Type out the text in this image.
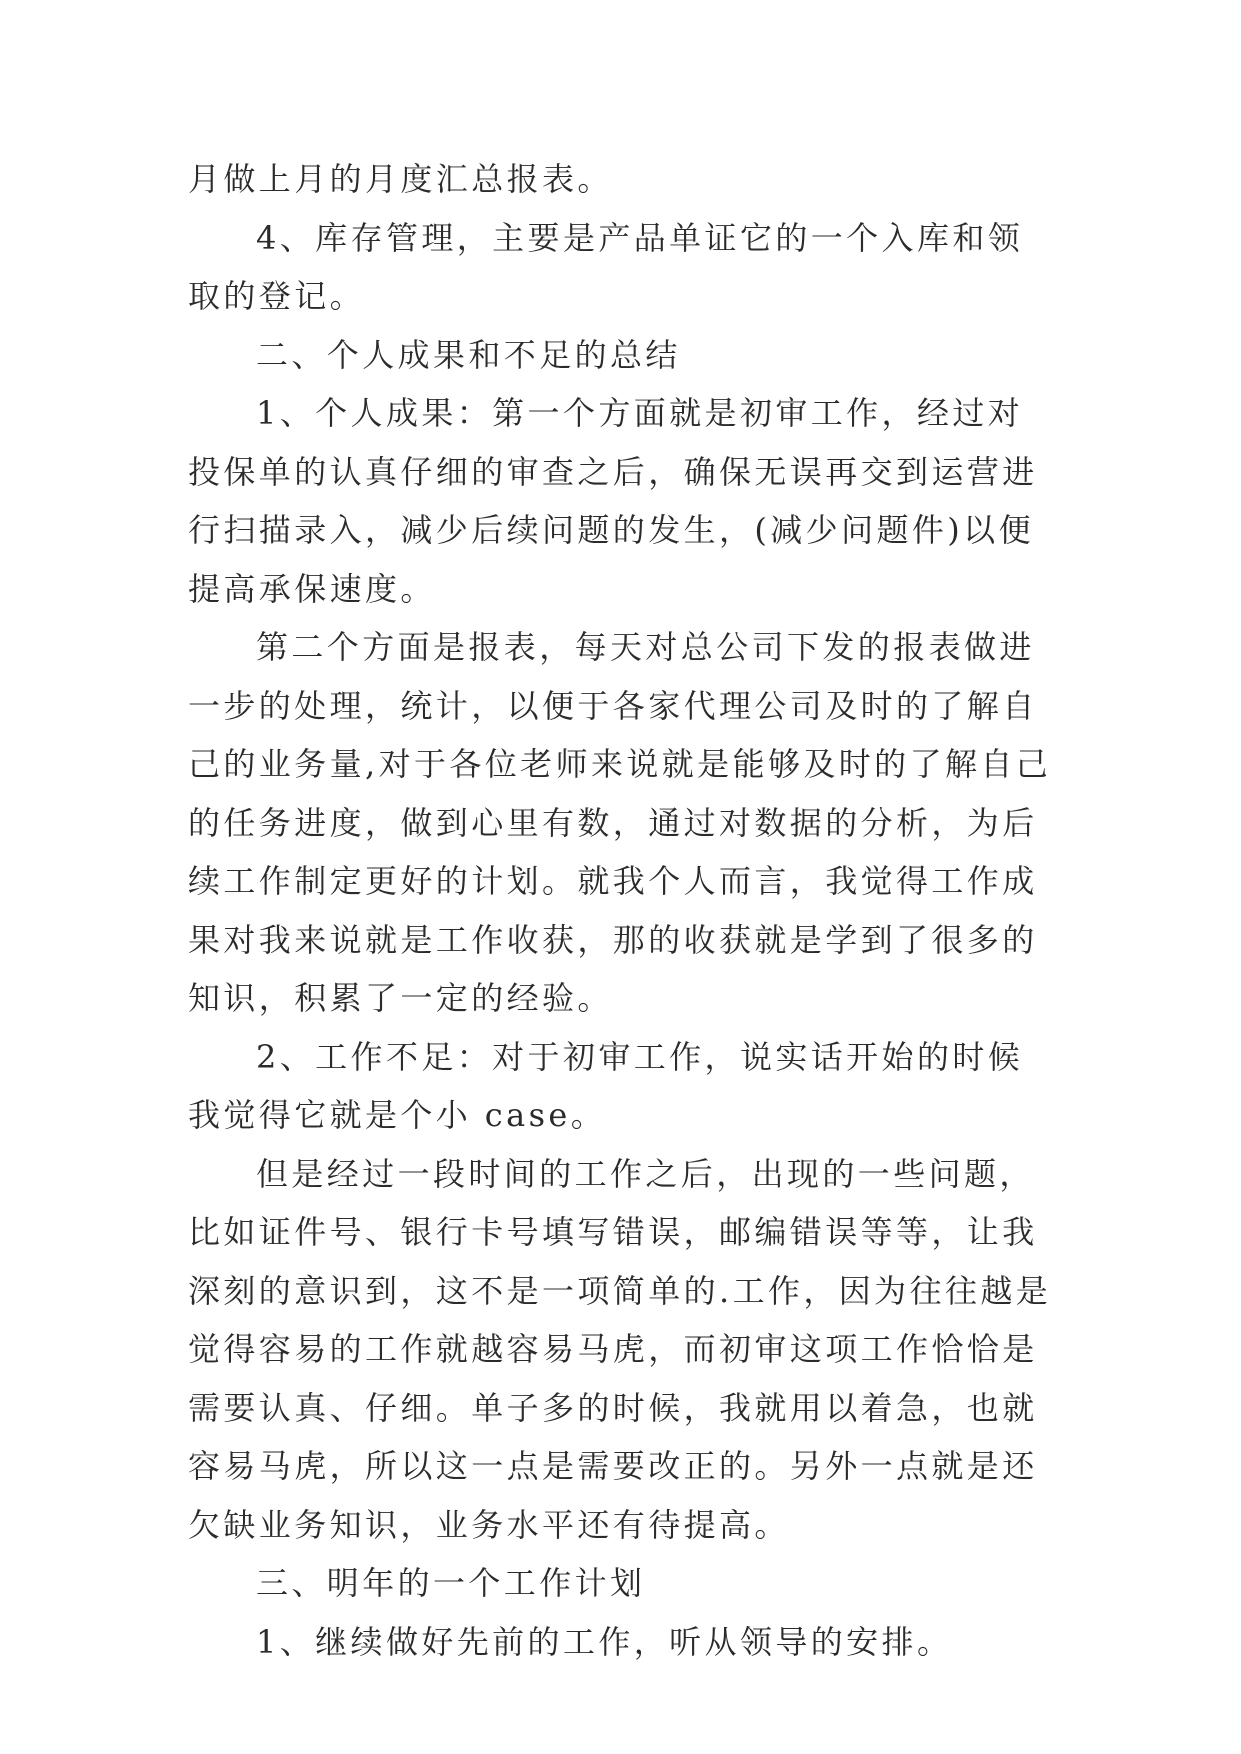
月做上月的月度汇总报表。

4、库存管理，主要是产品单证它的一个入库和领取的登记。

二、个人成果和不足的总结

1、个人成果：第一个方面就是初审工作，经过对投保单的认真仔细的审查之后，确保无误再交到运营进行扫描录入，减少后续问题的发生，(减少问题件)以便提高承保速度。

第二个方面是报表，每天对总公司下发的报表做进一步的处理，统计，以便于各家代理公司及时的了解自己的业务量,对于各位老师来说就是能够及时的了解自己的任务进度，做到心里有数，通过对数据的分析，为后续工作制定更好的计划。就我个人而言，我觉得工作成果对我来说就是工作收获，那的收获就是学到了很多的知识，积累了一定的经验。

2、工作不足：对于初审工作，说实话开始的时候我觉得它就是个小 case。

但是经过一段时间的工作之后，出现的一些问题，比如证件号、银行卡号填写错误，邮编错误等等，让我深刻的意识到，这不是一项简单的.工作，因为往往越是觉得容易的工作就越容易马虎，而初审这项工作恰恰是需要认真、仔细。单子多的时候，我就用以着急，也就容易马虎，所以这一点是需要改正的。另外一点就是还欠缺业务知识，业务水平还有待提高。

三、明年的一个工作计划

1、继续做好先前的工作，听从领导的安排。
